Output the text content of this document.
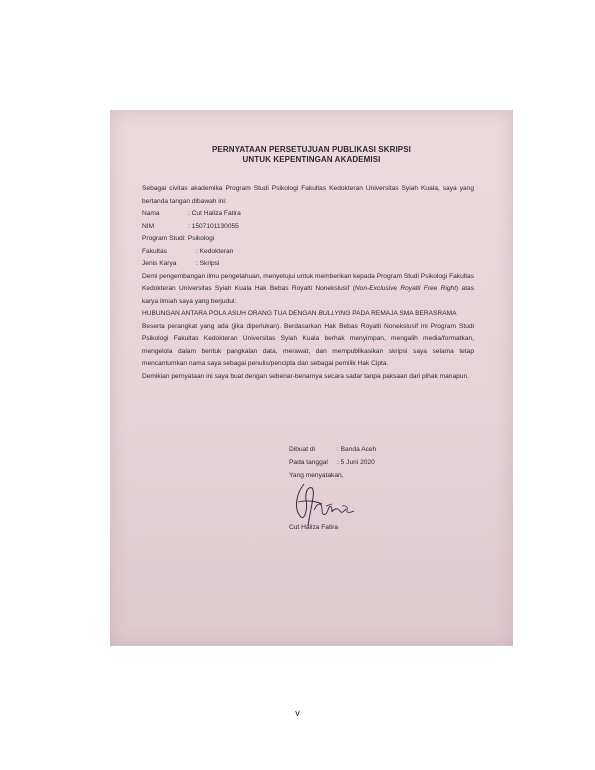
PERNYATAAN PERSETUJUAN PUBLIKASI SKRIPSI
UNTUK KEPENTINGAN AKADEMISI

Sebagai civitas akademika Program Studi Psikologi Fakultas Kedokteran Universitas Syiah Kuala, saya yang bertanda tangan dibawah ini:

Nama	: Cut Haliza Fatira
NIM	: 1507101130055
Program Studi : Psikologi
Fakultas	: Kedokteran
Jenis Karya	: Skripsi

Demi pengembangan ilmu pengetahuan, menyetujui untuk memberikan kepada Program Studi Psikologi Fakultas Kedokteran Universitas Syiah Kuala Hak Bebas Royalti Nonekslusif (Non-Exclusive Royalti Free Right) atas karya ilmiah saya yang berjudul:

HUBUNGAN ANTARA POLA ASUH ORANG TUA DENGAN BULLYING PADA REMAJA SMA BERASRAMA

Beserta perangkat yang ada (jika diperlukan). Berdasarkan Hak Bebas Royalti Nonekslusif ini Program Studi Psikologi Fakultas Kedokteran Universitas Syiah Kuala berhak menyimpan, mengalih media/formatkan, mengelola dalam bentuk pangkalan data, merawat, dan mempublikasikan skripsi saya selama tetap mencantumkan nama saya sebagai penulis/pencipta dan sebagai pemilik Hak Cipta.

Demikian pernyataan ini saya buat dengan sebenar-benarnya secara sadar tanpa paksaan dari pihak manapun.

Dibuat di	: Banda Aceh
Pada tanggal	: 5 Juni 2020
Yang menyatakan,
Cut Haliza Fatira
v
